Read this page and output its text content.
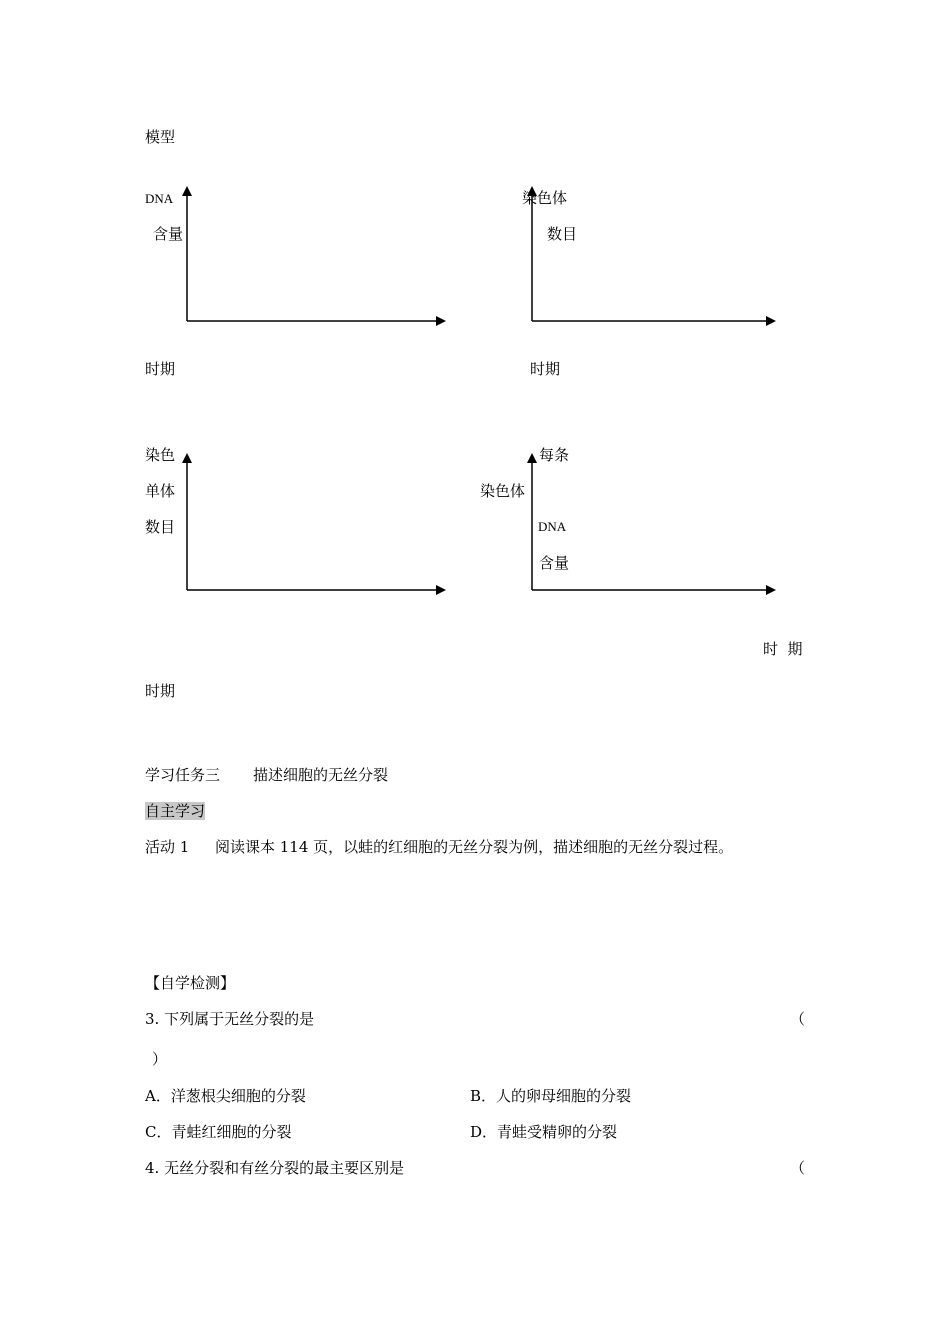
模型
DNA
含量
时期
染色体
数目
时期
染色
单体
数目
时期
每条
染色体
DNA
含量
时  期
学习任务三 描述细胞的无丝分裂
自主学习
活动 1 阅读课本 114 页，以蛙的红细胞的无丝分裂为例，描述细胞的无丝分裂过程。
【自学检测】
3. 下列属于无丝分裂的是	（
）
A．洋葱根尖细胞的分裂	B．人的卵母细胞的分裂
C．青蛙红细胞的分裂	D．青蛙受精卵的分裂
4. 无丝分裂和有丝分裂的最主要区别是	（
